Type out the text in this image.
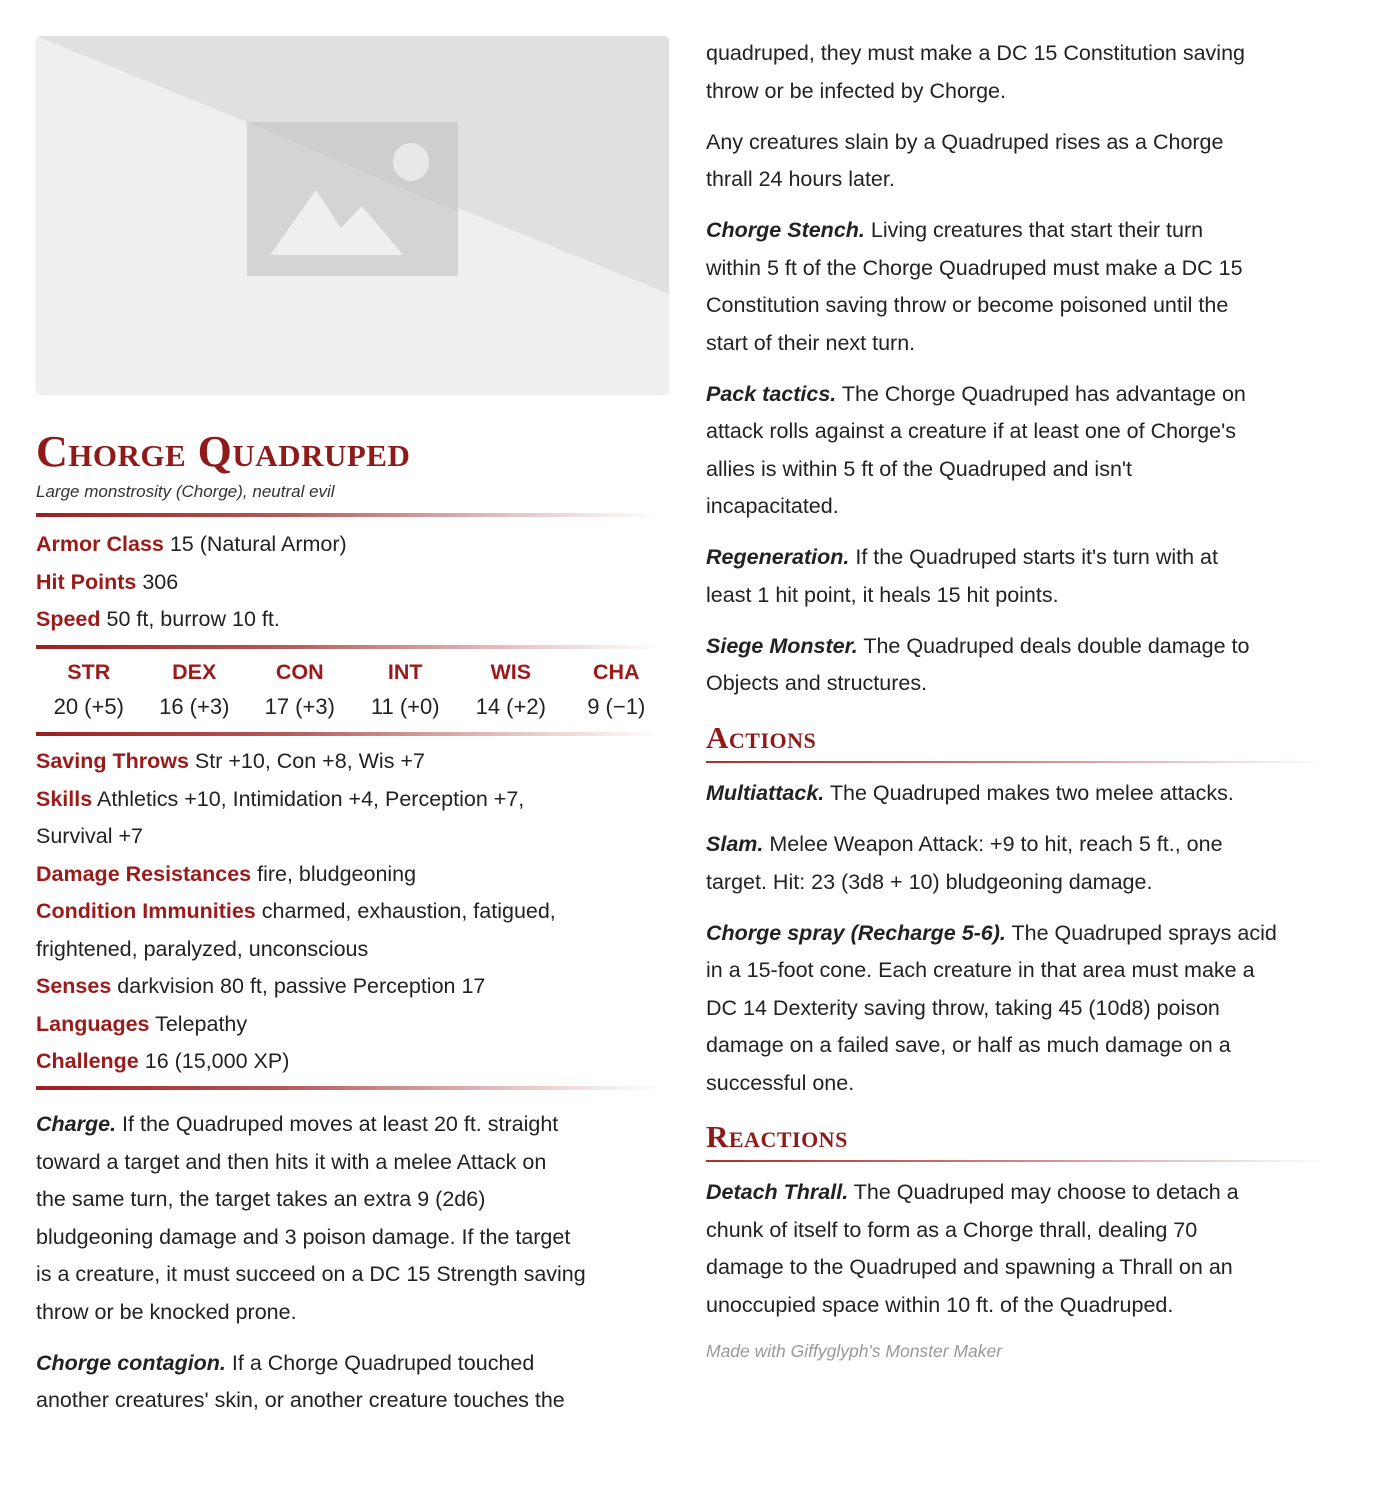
Chorge Quadruped
Large monstrosity (Chorge), neutral evil
Armor Class 15 (Natural Armor)
Hit Points 306
Speed 50 ft, burrow 10 ft.
STR
20 (+5)
DEX
16 (+3)
CON
17 (+3)
INT
11 (+0)
WIS
14 (+2)
CHA
9 (−1)
Saving Throws Str +10, Con +8, Wis +7
Skills Athletics +10, Intimidation +4, Perception +7,
Survival +7
Damage Resistances fire, bludgeoning
Condition Immunities charmed, exhaustion, fatigued,
frightened, paralyzed, unconscious
Senses darkvision 80 ft, passive Perception 17
Languages Telepathy
Challenge 16 (15,000 XP)
Charge. If the Quadruped moves at least 20 ft. straight
toward a target and then hits it with a melee Attack on
the same turn, the target takes an extra 9 (2d6)
bludgeoning damage and 3 poison damage. If the target
is a creature, it must succeed on a DC 15 Strength saving
throw or be knocked prone.
Chorge contagion. If a Chorge Quadruped touched
another creatures' skin, or another creature touches the
quadruped, they must make a DC 15 Constitution saving
throw or be infected by Chorge.
Any creatures slain by a Quadruped rises as a Chorge
thrall 24 hours later.
Chorge Stench. Living creatures that start their turn
within 5 ft of the Chorge Quadruped must make a DC 15
Constitution saving throw or become poisoned until the
start of their next turn.
Pack tactics. The Chorge Quadruped has advantage on
attack rolls against a creature if at least one of Chorge's
allies is within 5 ft of the Quadruped and isn't
incapacitated.
Regeneration. If the Quadruped starts it's turn with at
least 1 hit point, it heals 15 hit points.
Siege Monster. The Quadruped deals double damage to
Objects and structures.
Actions
Multiattack. The Quadruped makes two melee attacks.
Slam. Melee Weapon Attack: +9 to hit, reach 5 ft., one
target. Hit: 23 (3d8 + 10) bludgeoning damage.
Chorge spray (Recharge 5-6). The Quadruped sprays acid
in a 15-foot cone. Each creature in that area must make a
DC 14 Dexterity saving throw, taking 45 (10d8) poison
damage on a failed save, or half as much damage on a
successful one.
Reactions
Detach Thrall. The Quadruped may choose to detach a
chunk of itself to form as a Chorge thrall, dealing 70
damage to the Quadruped and spawning a Thrall on an
unoccupied space within 10 ft. of the Quadruped.
Made with Giffyglyph's Monster Maker
